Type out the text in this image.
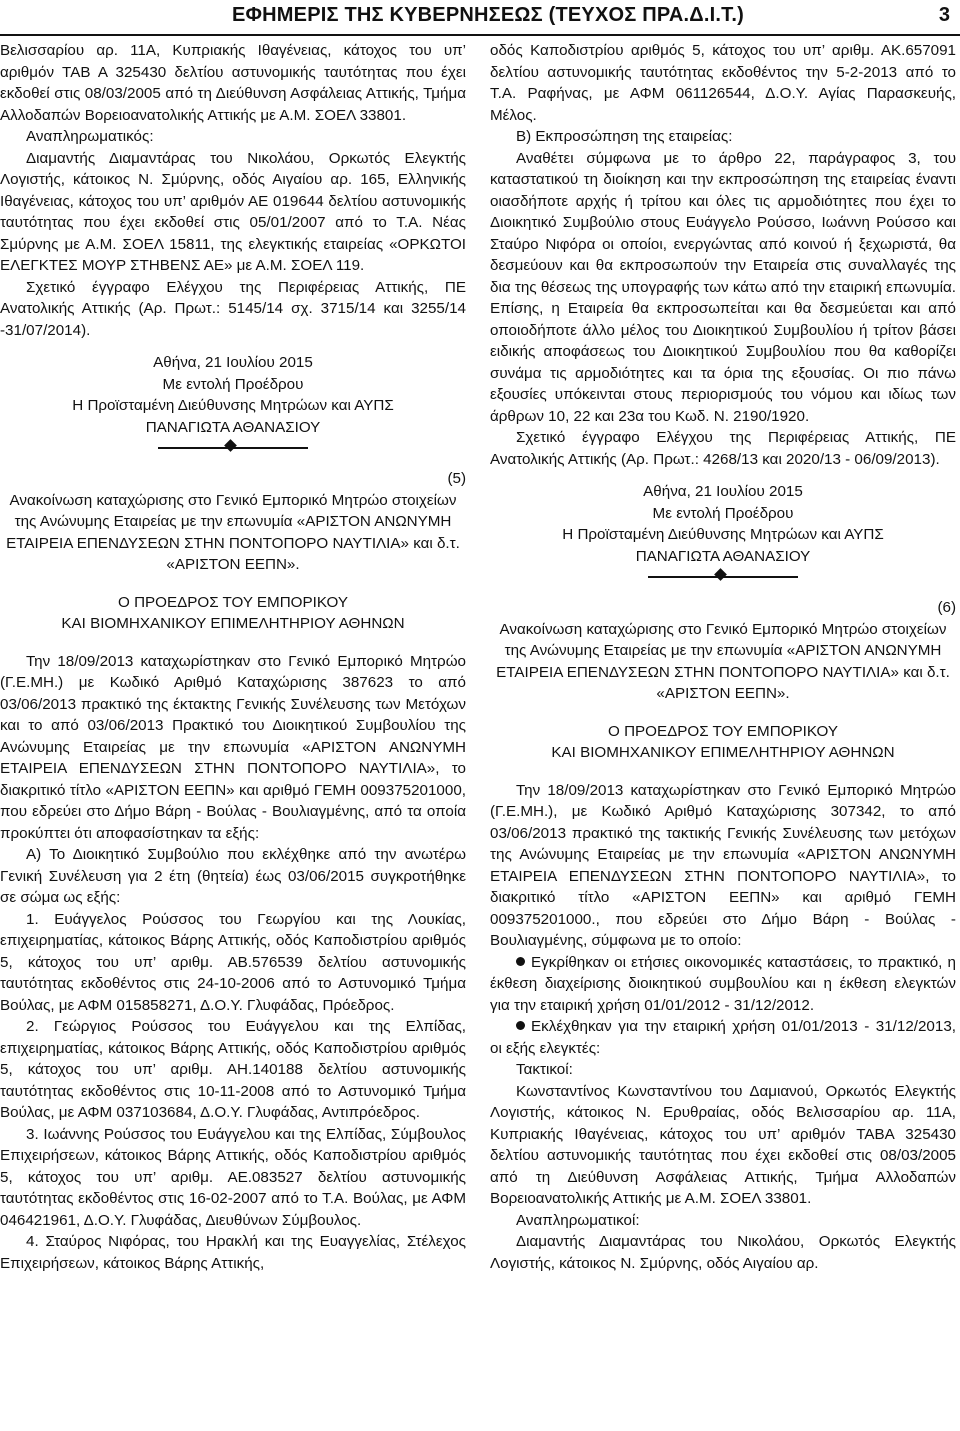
ΕΦΗΜΕΡΙΣ ΤΗΣ ΚΥΒΕΡΝΗΣΕΩΣ (ΤΕΥΧΟΣ ΠΡΑ.Δ.Ι.Τ.)	3

Βελισσαρίου αρ. 11Α, Κυπριακής Ιθαγένειας, κάτοχος του υπ’ αριθμόν ΤΑΒ Α 325430 δελτίου αστυνομικής ταυτότητας που έχει εκδοθεί στις 08/03/2005 από τη Διεύθυνση Ασφάλειας Αττικής, Τμήμα Αλλοδαπών Βορειοανατολικής Αττικής με Α.Μ. ΣΟΕΛ 33801.

Αναπληρωματικός:

Διαμαντής Διαμαντάρας του Νικολάου, Ορκωτός Ελεγκτής Λογιστής, κάτοικος Ν. Σμύρνης, οδός Αιγαίου αρ. 165, Ελληνικής Ιθαγένειας, κάτοχος του υπ’ αριθμόν ΑΕ 019644 δελτίου αστυνομικής ταυτότητας που έχει εκδοθεί στις 05/01/2007 από το Τ.Α. Νέας Σμύρνης με Α.Μ. ΣΟΕΛ 15811, της ελεγκτικής εταιρείας «ΟΡΚΩΤΟΙ ΕΛΕΓΚΤΕΣ ΜΟΥΡ ΣΤΗΒΕΝΣ ΑΕ» με Α.Μ. ΣΟΕΛ 119.

Σχετικό έγγραφο Ελέγχου της Περιφέρειας Αττικής, ΠΕ Ανατολικής Αττικής (Αρ. Πρωτ.: 5145/14 σχ. 3715/14 και 3255/14 -31/07/2014).

Αθήνα, 21 Ιουλίου 2015

Με εντολή Προέδρου

Η Προϊσταμένη Διεύθυνσης Μητρώων και ΑΥΠΣ

ΠΑΝΑΓΙΩΤΑ ΑΘΑΝΑΣΙΟΥ

(5)

Ανακοίνωση καταχώρισης στο Γενικό Εμπορικό Μητρώο στοιχείων της Ανώνυμης Εταιρείας με την επωνυμία «ΑΡΙΣΤΟΝ ΑΝΩΝΥΜΗ ΕΤΑΙΡΕΙΑ ΕΠΕΝΔΥΣΕΩΝ ΣΤΗΝ ΠΟΝΤΟΠΟΡΟ ΝΑΥΤΙΛΙΑ» και δ.τ. «ΑΡΙΣΤΟΝ ΕΕΠΝ».

Ο ΠΡΟΕΔΡΟΣ ΤΟΥ ΕΜΠΟΡΙΚΟΥ

ΚΑΙ ΒΙΟΜΗΧΑΝΙΚΟΥ ΕΠΙΜΕΛΗΤΗΡΙΟΥ ΑΘΗΝΩΝ

Την 18/09/2013 καταχωρίστηκαν στο Γενικό Εμπορικό Μητρώο (Γ.Ε.ΜΗ.) με Κωδικό Αριθμό Καταχώρισης 387623 το από 03/06/2013 πρακτικό της έκτακτης Γενικής Συνέλευσης των Μετόχων και το από 03/06/2013 Πρακτικό του Διοικητικού Συμβουλίου της Ανώνυμης Εταιρείας με την επωνυμία «ΑΡΙΣΤΟΝ ΑΝΩΝΥΜΗ ΕΤΑΙΡΕΙΑ ΕΠΕΝΔΥΣΕΩΝ ΣΤΗΝ ΠΟΝΤΟΠΟΡΟ ΝΑΥΤΙΛΙΑ», το διακριτικό τίτλο «ΑΡΙΣΤΟΝ ΕΕΠΝ» και αριθμό ΓΕΜΗ 009375201000, που εδρεύει στο Δήμο Βάρη - Βούλας - Βουλιαγμένης, από τα οποία προκύπτει ότι αποφασίστηκαν τα εξής:

Α) Το Διοικητικό Συμβούλιο που εκλέχθηκε από την ανωτέρω Γενική Συνέλευση για 2 έτη (θητεία) έως 03/06/2015 συγκροτήθηκε σε σώμα ως εξής:

1. Ευάγγελος Ρούσσος του Γεωργίου και της Λουκίας, επιχειρηματίας, κάτοικος Βάρης Αττικής, οδός Καποδιστρίου αριθμός 5, κάτοχος του υπ’ αριθμ. ΑΒ.576539 δελτίου αστυνομικής ταυτότητας εκδοθέντος στις 24-10-2006 από το Αστυνομικό Τμήμα Βούλας, με ΑΦΜ 015858271, Δ.Ο.Υ. Γλυφάδας, Πρόεδρος.

2. Γεώργιος Ρούσσος του Ευάγγελου και της Ελπίδας, επιχειρηματίας, κάτοικος Βάρης Αττικής, οδός Καποδιστρίου αριθμός 5, κάτοχος του υπ’ αριθμ. ΑΗ.140188 δελτίου αστυνομικής ταυτότητας εκδοθέντος στις 10-11-2008 από το Αστυνομικό Τμήμα Βούλας, με ΑΦΜ 037103684, Δ.Ο.Υ. Γλυφάδας, Αντιπρόεδρος.

3. Ιωάννης Ρούσσος του Ευάγγελου και της Ελπίδας, Σύμβουλος Επιχειρήσεων, κάτοικος Βάρης Αττικής, οδός Καποδιστρίου αριθμός 5, κάτοχος του υπ’ αριθμ. ΑΕ.083527 δελτίου αστυνομικής ταυτότητας εκδοθέντος στις 16-02-2007 από το Τ.Α. Βούλας, με ΑΦΜ 046421961, Δ.Ο.Υ. Γλυφάδας, Διευθύνων Σύμβουλος.

4. Σταύρος Νιφόρας, του Ηρακλή και της Ευαγγελίας, Στέλεχος Επιχειρήσεων, κάτοικος Βάρης Αττικής,

οδός Καποδιστρίου αριθμός 5, κάτοχος του υπ’ αριθμ. ΑΚ.657091 δελτίου αστυνομικής ταυτότητας εκδοθέντος την 5-2-2013 από το Τ.Α. Ραφήνας, με ΑΦΜ 061126544, Δ.Ο.Υ. Αγίας Παρασκευής, Μέλος.

Β) Εκπροσώπηση της εταιρείας:

Αναθέτει σύμφωνα με το άρθρο 22, παράγραφος 3, του καταστατικού τη διοίκηση και την εκπροσώπηση της εταιρείας έναντι οιασδήποτε αρχής ή τρίτου και όλες τις αρμοδιότητες που έχει το Διοικητικό Συμβούλιο στους Ευάγγελο Ρούσσο, Ιωάννη Ρούσσο και Σταύρο Νιφόρα οι οποίοι, ενεργώντας από κοινού ή ξεχωριστά, θα δεσμεύουν και θα εκπροσωπούν την Εταιρεία στις συναλλαγές της δια της θέσεως της υπογραφής των κάτω από την εταιρική επωνυμία. Επίσης, η Εταιρεία θα εκπροσωπείται και θα δεσμεύεται και από οποιοδήποτε άλλο μέλος του Διοικητικού Συμβουλίου ή τρίτον βάσει ειδικής αποφάσεως του Διοικητικού Συμβουλίου που θα καθορίζει συνάμα τις αρμοδιότητες και τα όρια της εξουσίας. Οι πιο πάνω εξουσίες υπόκεινται στους περιορισμούς του νόμου και ιδίως των άρθρων 10, 22 και 23α του Κωδ. Ν. 2190/1920.

Σχετικό έγγραφο Ελέγχου της Περιφέρειας Αττικής, ΠΕ Ανατολικής Αττικής (Αρ. Πρωτ.: 4268/13 και 2020/13 - 06/09/2013).

Αθήνα, 21 Ιουλίου 2015

Με εντολή Προέδρου

Η Προϊσταμένη Διεύθυνσης Μητρώων και ΑΥΠΣ

ΠΑΝΑΓΙΩΤΑ ΑΘΑΝΑΣΙΟΥ

(6)

Ανακοίνωση καταχώρισης στο Γενικό Εμπορικό Μητρώο στοιχείων της Ανώνυμης Εταιρείας με την επωνυμία «ΑΡΙΣΤΟΝ ΑΝΩΝΥΜΗ ΕΤΑΙΡΕΙΑ ΕΠΕΝΔΥΣΕΩΝ ΣΤΗΝ ΠΟΝΤΟΠΟΡΟ ΝΑΥΤΙΛΙΑ» και δ.τ. «ΑΡΙΣΤΟΝ ΕΕΠΝ».

Ο ΠΡΟΕΔΡΟΣ ΤΟΥ ΕΜΠΟΡΙΚΟΥ

ΚΑΙ ΒΙΟΜΗΧΑΝΙΚΟΥ ΕΠΙΜΕΛΗΤΗΡΙΟΥ ΑΘΗΝΩΝ

Την 18/09/2013 καταχωρίστηκαν στο Γενικό Εμπορικό Μητρώο (Γ.Ε.ΜΗ.), με Κωδικό Αριθμό Καταχώρισης 307342, το από 03/06/2013 πρακτικό της τακτικής Γενικής Συνέλευσης των μετόχων της Ανώνυμης Εταιρείας με την επωνυμία «ΑΡΙΣΤΟΝ ΑΝΩΝΥΜΗ ΕΤΑΙΡΕΙΑ ΕΠΕΝΔΥΣΕΩΝ ΣΤΗΝ ΠΟΝΤΟΠΟΡΟ ΝΑΥΤΙΛΙΑ», το διακριτικό τίτλο «ΑΡΙΣΤΟΝ ΕΕΠΝ» και αριθμό ΓΕΜΗ 009375201000., που εδρεύει στο Δήμο Βάρη - Βούλας - Βουλιαγμένης, σύμφωνα με το οποίο:

Εγκρίθηκαν οι ετήσιες οικονομικές καταστάσεις, το πρακτικό, η έκθεση διαχείρισης διοικητικού συμβουλίου και η έκθεση ελεγκτών για την εταιρική χρήση 01/01/2012 - 31/12/2012.

Εκλέχθηκαν για την εταιρική χρήση 01/01/2013 - 31/12/2013, οι εξής ελεγκτές:

Τακτικοί:

Κωνσταντίνος Κωνσταντίνου του Δαμιανού, Ορκωτός Ελεγκτής Λογιστής, κάτοικος Ν. Ερυθραίας, οδός Βελισσαρίου αρ. 11Α, Κυπριακής Ιθαγένειας, κάτοχος του υπ’ αριθμόν ΤΑΒΑ 325430 δελτίου αστυνομικής ταυτότητας που έχει εκδοθεί στις 08/03/2005 από τη Διεύθυνση Ασφάλειας Αττικής, Τμήμα Αλλοδαπών Βορειοανατολικής Αττικής με Α.Μ. ΣΟΕΛ 33801.

Αναπληρωματικοί:

Διαμαντής Διαμαντάρας του Νικολάου, Ορκωτός Ελεγκτής Λογιστής, κάτοικος Ν. Σμύρνης, οδός Αιγαίου αρ.
